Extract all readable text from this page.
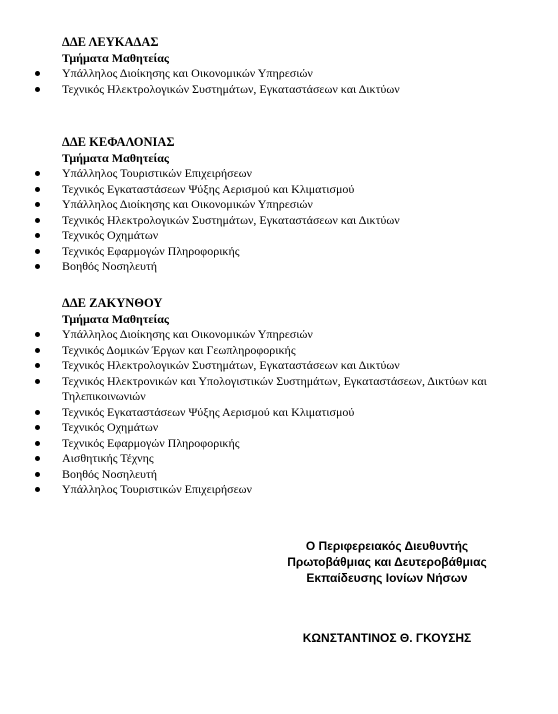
ΔΔΕ ΛΕΥΚΑΔΑΣ
Τμήματα Μαθητείας
Υπάλληλος Διοίκησης και Οικονομικών Υπηρεσιών
Τεχνικός Ηλεκτρολογικών Συστημάτων, Εγκαταστάσεων και Δικτύων
ΔΔΕ ΚΕΦΑΛΟΝΙΑΣ
Τμήματα Μαθητείας
Υπάλληλος Τουριστικών Επιχειρήσεων
Τεχνικός Εγκαταστάσεων Ψύξης Αερισμού και Κλιματισμού
Υπάλληλος Διοίκησης και Οικονομικών Υπηρεσιών
Τεχνικός Ηλεκτρολογικών Συστημάτων, Εγκαταστάσεων και Δικτύων
Τεχνικός Οχημάτων
Τεχνικός Εφαρμογών Πληροφορικής
Βοηθός Νοσηλευτή
ΔΔΕ ΖΑΚΥΝΘΟΥ
Τμήματα Μαθητείας
Υπάλληλος Διοίκησης και Οικονομικών Υπηρεσιών
Τεχνικός Δομικών Έργων και Γεωπληροφορικής
Τεχνικός Ηλεκτρολογικών Συστημάτων, Εγκαταστάσεων και Δικτύων
Τεχνικός Ηλεκτρονικών και Υπολογιστικών Συστημάτων, Εγκαταστάσεων, Δικτύων και Τηλεπικοινωνιών
Τεχνικός Εγκαταστάσεων Ψύξης Αερισμού και Κλιματισμού
Τεχνικός Οχημάτων
Τεχνικός Εφαρμογών Πληροφορικής
Αισθητικής Τέχνης
Βοηθός Νοσηλευτή
Υπάλληλος Τουριστικών Επιχειρήσεων
Ο Περιφερειακός Διευθυντής
Πρωτοβάθμιας και Δευτεροβάθμιας
Εκπαίδευσης Ιονίων Νήσων
ΚΩΝΣΤΑΝΤΙΝΟΣ Θ. ΓΚΟΥΣΗΣ
